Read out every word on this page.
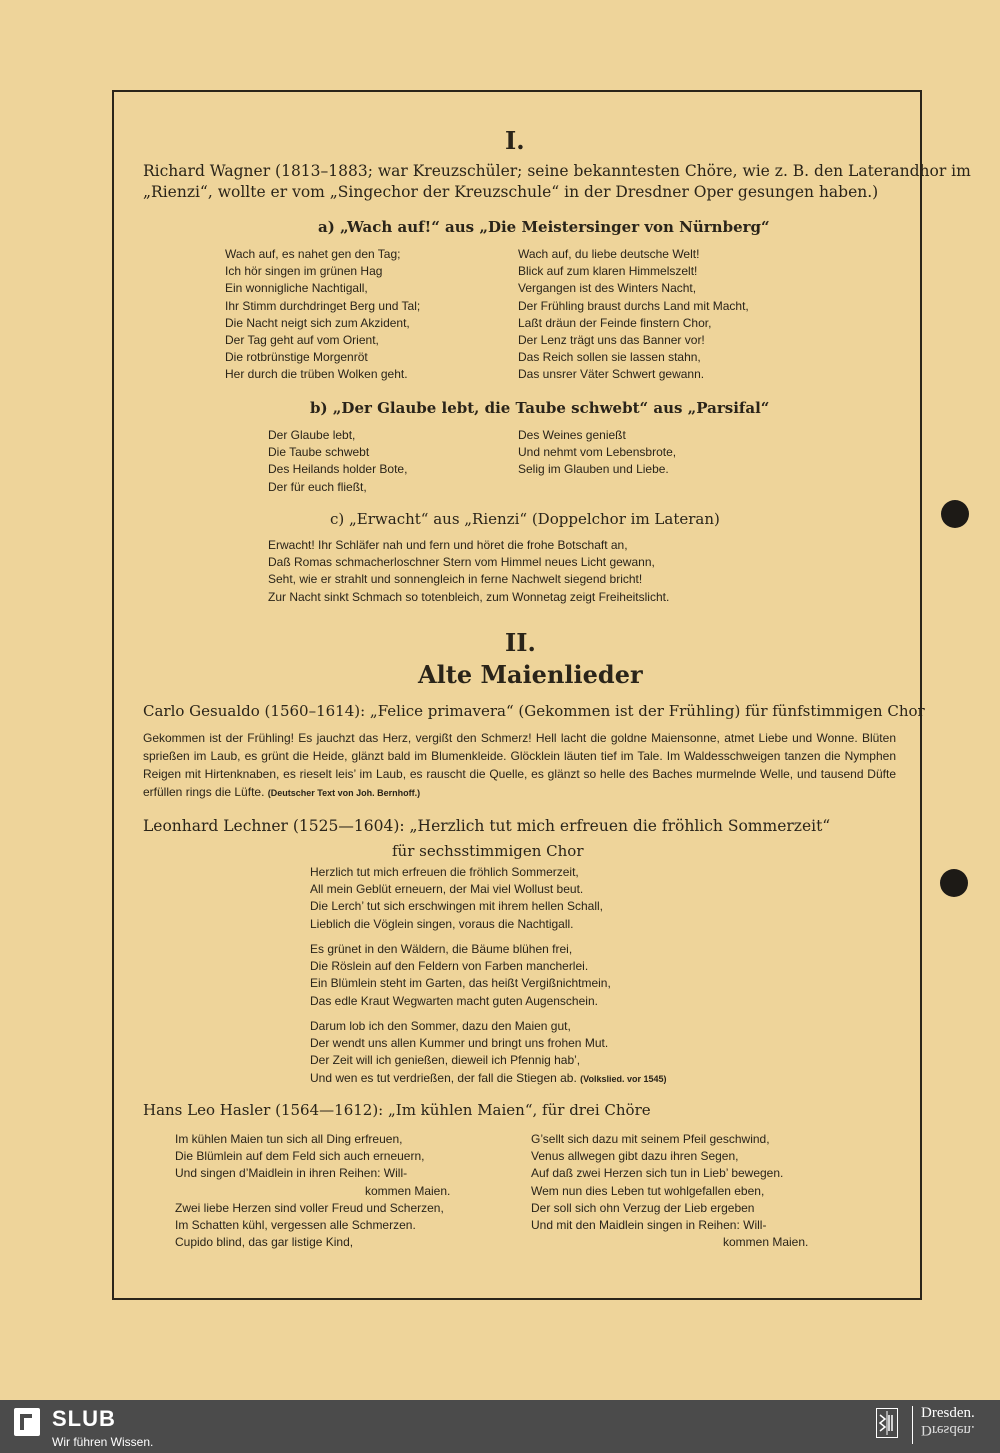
I.
Richard Wagner (1813–1883; war Kreuzschüler; seine bekanntesten Chöre, wie z. B. den Laterandhor im
„Rienzi“, wollte er vom „Singechor der Kreuzschule“ in der Dresdner Oper gesungen haben.)
a) „Wach auf!“ aus „Die Meistersinger von Nürnberg“
Wach auf, es nahet gen den Tag;
Ich hör singen im grünen Hag
Ein wonnigliche Nachtigall,
Ihr Stimm durchdringet Berg und Tal;
Die Nacht neigt sich zum Akzident,
Der Tag geht auf vom Orient,
Die rotbrünstige Morgenröt
Her durch die trüben Wolken geht.
Wach auf, du liebe deutsche Welt!
Blick auf zum klaren Himmelszelt!
Vergangen ist des Winters Nacht,
Der Frühling braust durchs Land mit Macht,
Laßt dräun der Feinde finstern Chor,
Der Lenz trägt uns das Banner vor!
Das Reich sollen sie lassen stahn,
Das unsrer Väter Schwert gewann.
b) „Der Glaube lebt, die Taube schwebt“ aus „Parsifal“
Der Glaube lebt,
Die Taube schwebt
Des Heilands holder Bote,
Der für euch fließt,
Des Weines genießt
Und nehmt vom Lebensbrote,
Selig im Glauben und Liebe.
c) „Erwacht“ aus „Rienzi“ (Doppelchor im Lateran)
Erwacht! Ihr Schläfer nah und fern und höret die frohe Botschaft an,
Daß Romas schmacherloschner Stern vom Himmel neues Licht gewann,
Seht, wie er strahlt und sonnengleich in ferne Nachwelt siegend bricht!
Zur Nacht sinkt Schmach so totenbleich, zum Wonnetag zeigt Freiheitslicht.
II.
Alte Maienlieder
Carlo Gesualdo (1560–1614): „Felice primavera“ (Gekommen ist der Frühling) für fünfstimmigen Chor
Gekommen ist der Frühling! Es jauchzt das Herz, vergißt den Schmerz! Hell lacht die goldne Maiensonne, atmet Liebe und Wonne. Blüten sprießen im Laub, es grünt die Heide, glänzt bald im Blumenkleide. Glöcklein läuten tief im Tale. Im Waldesschweigen tanzen die Nymphen Reigen mit Hirtenknaben, es rieselt leis’ im Laub, es rauscht die Quelle, es glänzt so helle des Baches murmelnde Welle, und tausend Düfte erfüllen rings die Lüfte. (Deutscher Text von Joh. Bernhoff.)
Leonhard Lechner (1525—1604): „Herzlich tut mich erfreuen die fröhlich Sommerzeit“
für sechsstimmigen Chor
Herzlich tut mich erfreuen die fröhlich Sommerzeit,
All mein Geblüt erneuern, der Mai viel Wollust beut.
Die Lerch’ tut sich erschwingen mit ihrem hellen Schall,
Lieblich die Vöglein singen, voraus die Nachtigall.
Es grünet in den Wäldern, die Bäume blühen frei,
Die Röslein auf den Feldern von Farben mancherlei.
Ein Blümlein steht im Garten, das heißt Vergißnichtmein,
Das edle Kraut Wegwarten macht guten Augenschein.
Darum lob ich den Sommer, dazu den Maien gut,
Der wendt uns allen Kummer und bringt uns frohen Mut.
Der Zeit will ich genießen, dieweil ich Pfennig hab’,
Und wen es tut verdrießen, der fall die Stiegen ab. (Volkslied. vor 1545)
Hans Leo Hasler (1564—1612): „Im kühlen Maien“, für drei Chöre
Im kühlen Maien tun sich all Ding erfreuen,
Die Blümlein auf dem Feld sich auch erneuern,
Und singen d’Maidlein in ihren Reihen: Will-
kommen Maien.
Zwei liebe Herzen sind voller Freud und Scherzen,
Im Schatten kühl, vergessen alle Schmerzen.
Cupido blind, das gar listige Kind,
G’sellt sich dazu mit seinem Pfeil geschwind,
Venus allwegen gibt dazu ihren Segen,
Auf daß zwei Herzen sich tun in Lieb’ bewegen.
Wem nun dies Leben tut wohlgefallen eben,
Der soll sich ohn Verzug der Lieb ergeben
Und mit den Maidlein singen in Reihen: Will-
kommen Maien.
SLUB
Wir führen Wissen.
Dresden.
Dresden.
